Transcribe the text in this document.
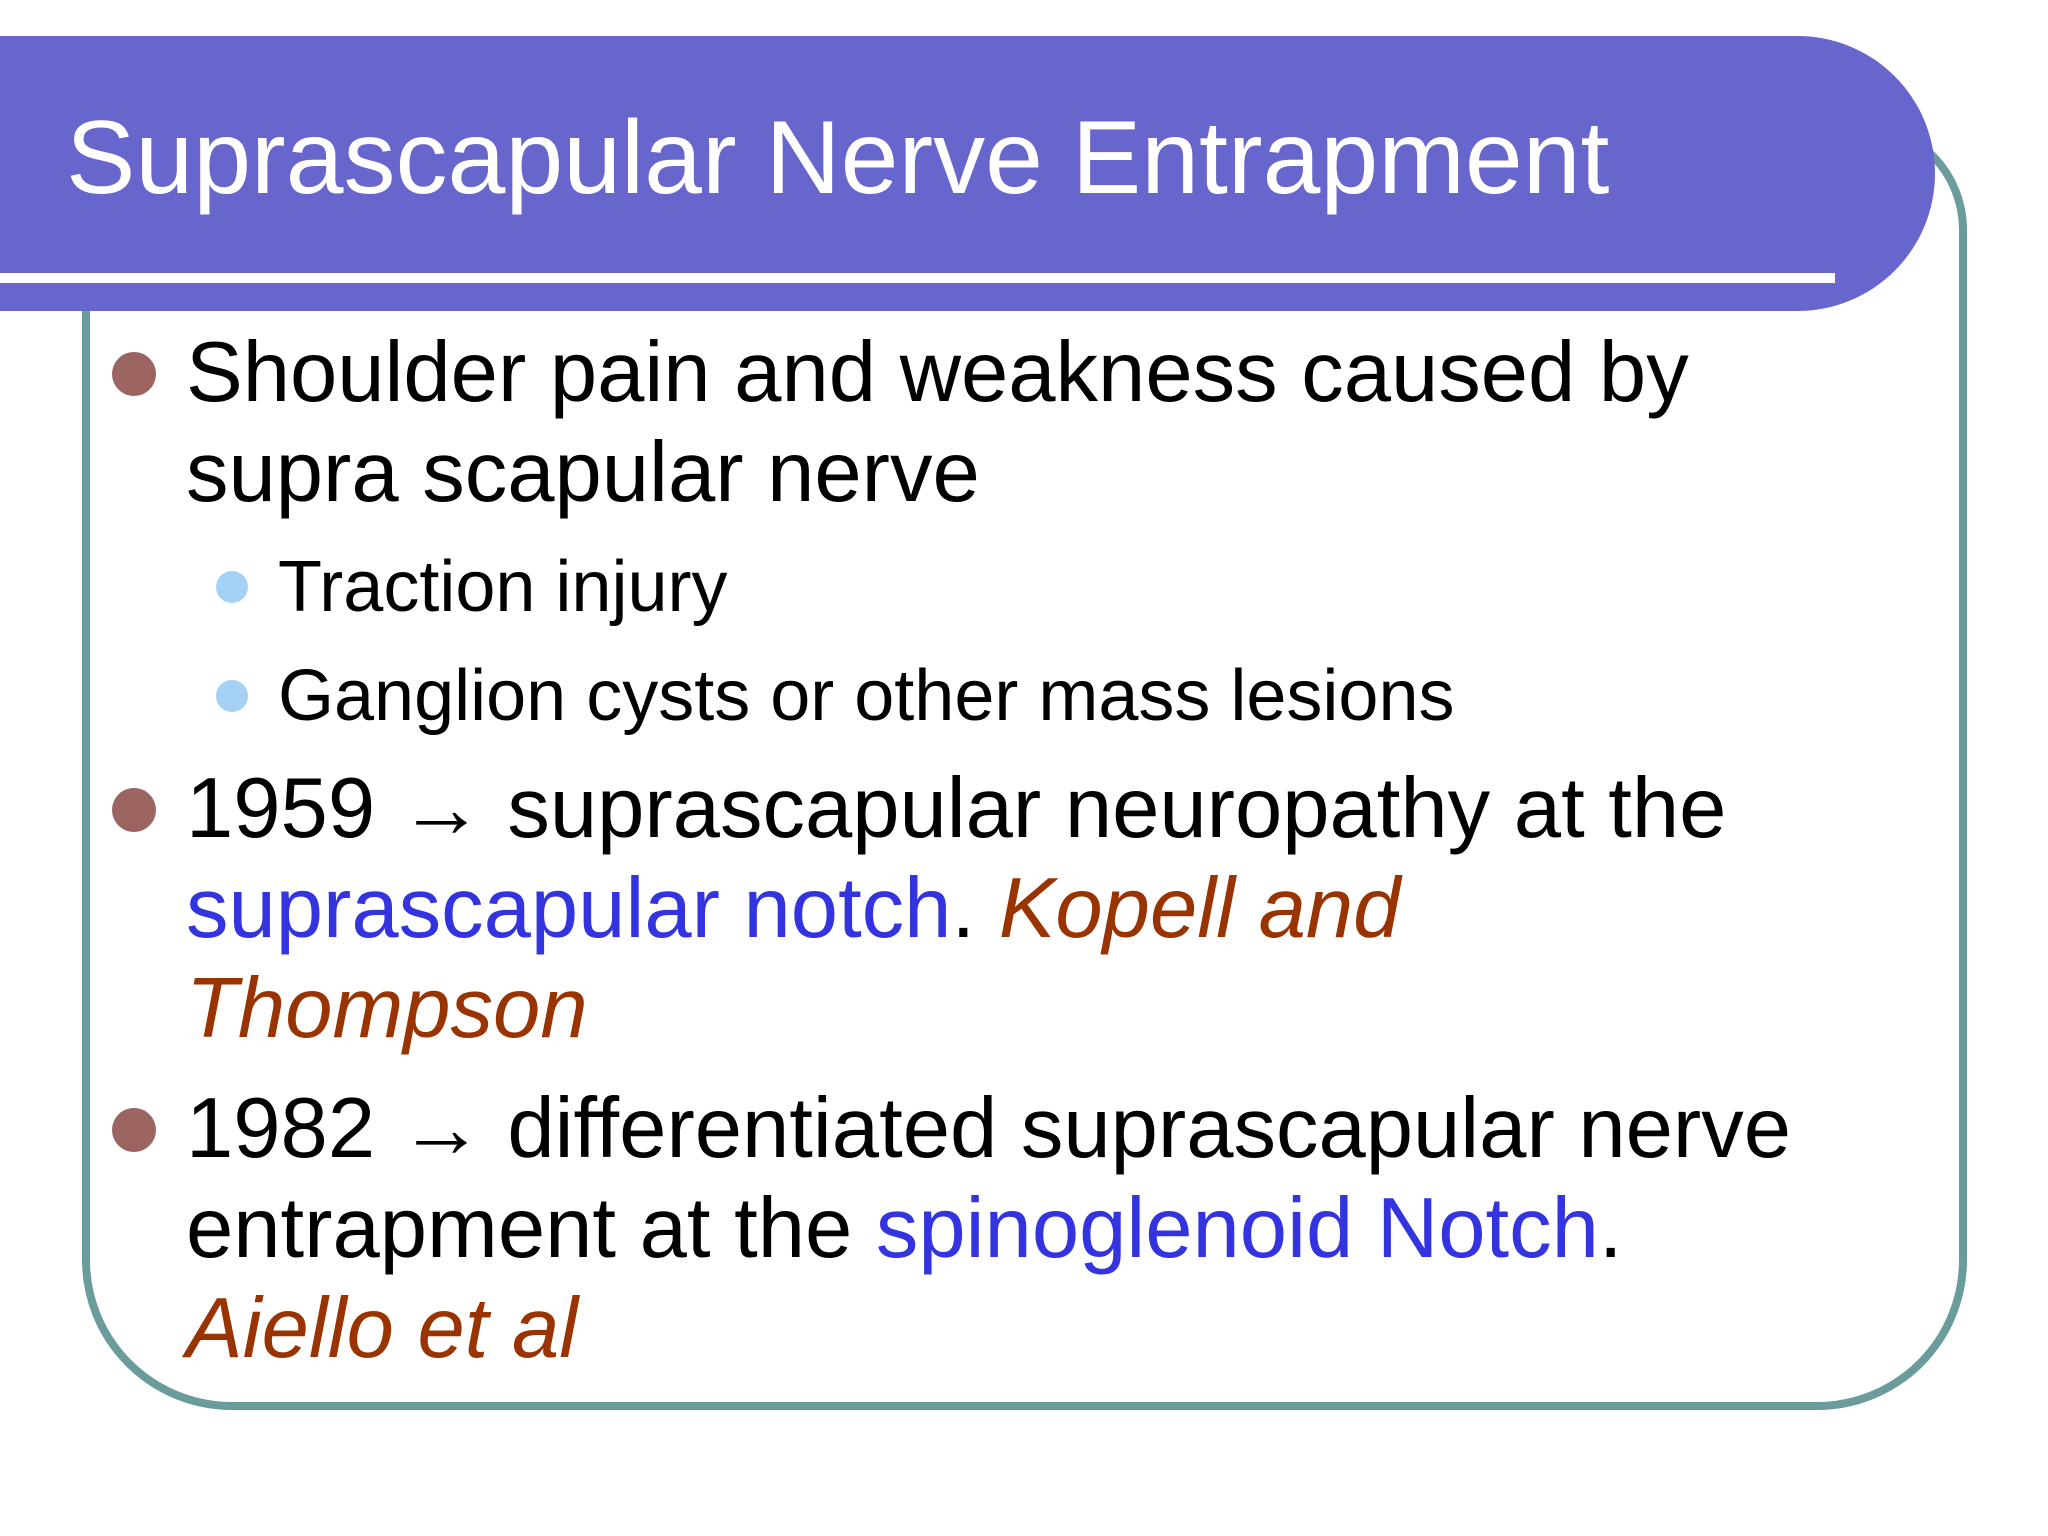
Suprascapular Nerve Entrapment
Shoulder pain and weakness caused by
supra scapular nerve
Traction injury
Ganglion cysts or other mass lesions
1959 → suprascapular neuropathy at the
suprascapular notch. Kopell and
Thompson
1982 → differentiated suprascapular nerve
entrapment at the spinoglenoid Notch.
Aiello et al
